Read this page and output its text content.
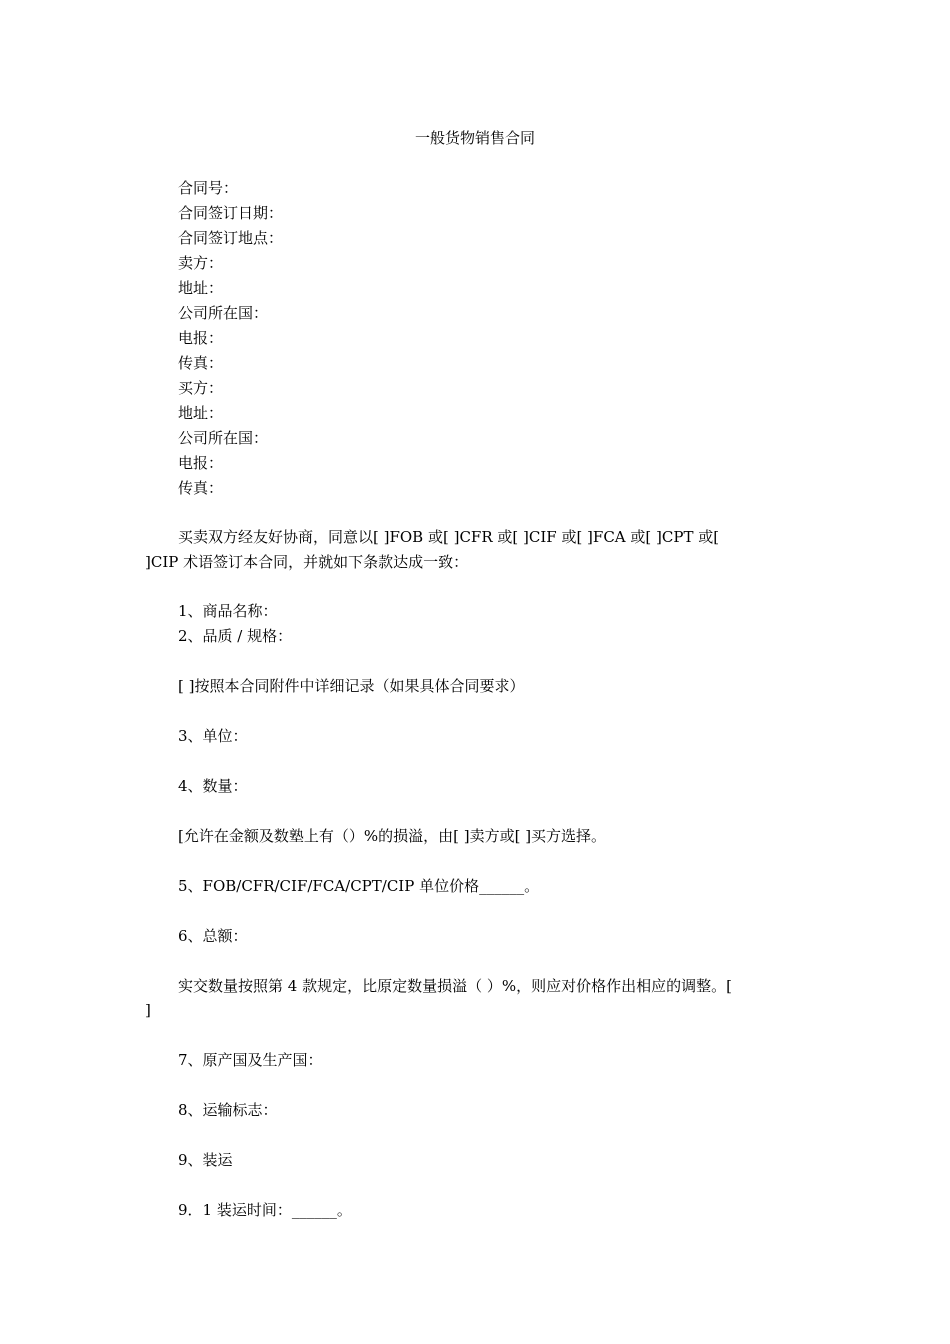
一般货物销售合同
合同号：
合同签订日期：
合同签订地点：
卖方：
地址：
公司所在国：
电报：
传真：
买方：
地址：
公司所在国：
电报：
传真：
买卖双方经友好协商，同意以[ ]FOB 或[ ]CFR 或[ ]CIF 或[ ]FCA 或[ ]CPT 或[
]CIP 术语签订本合同，并就如下条款达成一致：
1、商品名称：
2、品质 / 规格：
[ ]按照本合同附件中详细记录（如果具体合同要求）
3、单位：
4、数量：
[允许在金额及数塾上有（）%的损溢，由[ ]卖方或[ ]买方选择。
5、FOB/CFR/CIF/FCA/CPT/CIP 单位价格______。
6、总额：
实交数量按照第 4 款规定，比原定数量损溢（ ）%，则应对价格作出相应的调整。[
]
7、原产国及生产国：
8、运输标志：
9、装运
9．1 装运时间：______。
